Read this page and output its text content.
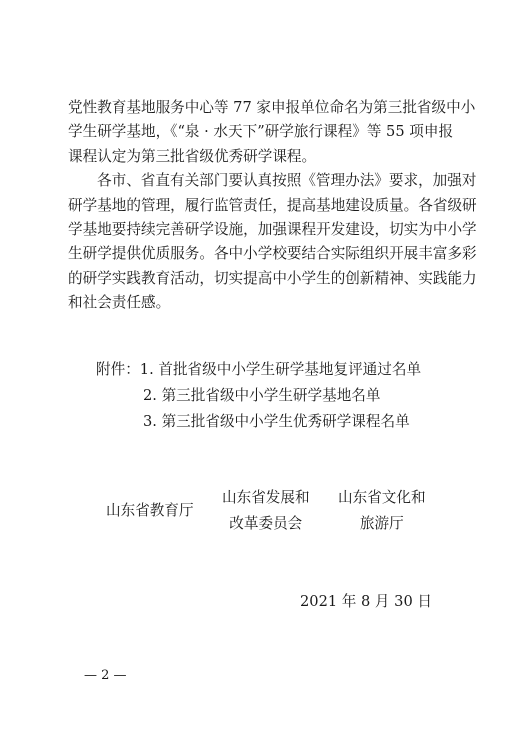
党性教育基地服务中心等 77 家申报单位命名为第三批省级中小
学生研学基地，《“泉 · 水天下”研学旅行课程》等 55 项申报
课程认定为第三批省级优秀研学课程。

各市、省直有关部门要认真按照《管理办法》要求，加强对
研学基地的管理，履行监管责任，提高基地建设质量。各省级研
学基地要持续完善研学设施，加强课程开发建设，切实为中小学
生研学提供优质服务。各中小学校要结合实际组织开展丰富多彩
的研学实践教育活动，切实提高中小学生的创新精神、实践能力
和社会责任感。

附件：1. 首批省级中小学生研学基地复评通过名单
2. 第三批省级中小学生研学基地名单
3. 第三批省级中小学生优秀研学课程名单
山东省教育厅
山东省发展和
改革委员会
山东省文化和
旅游厅
2021 年 8 月 30 日
— 2 —
